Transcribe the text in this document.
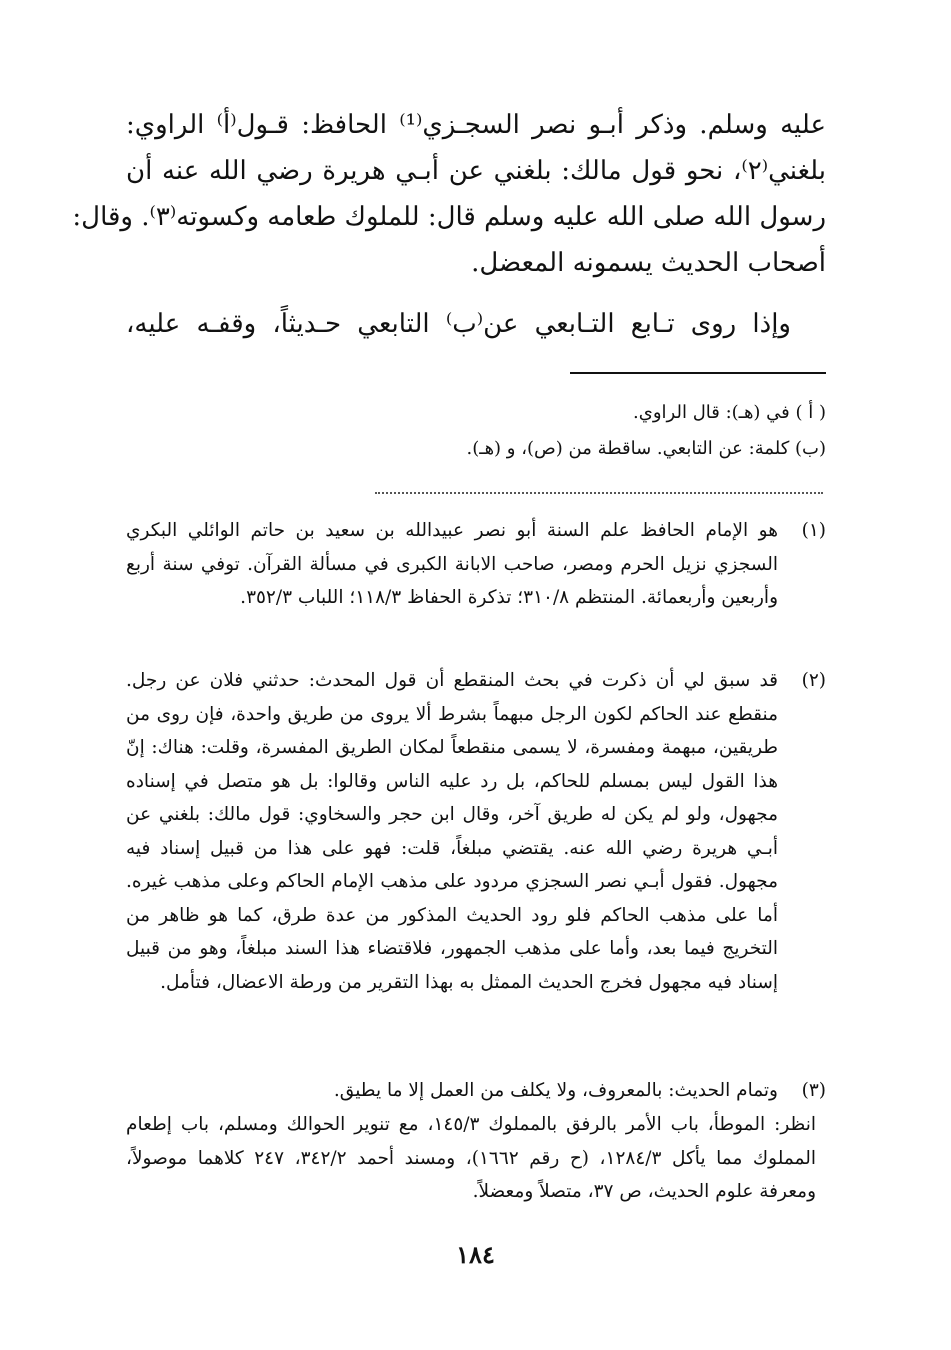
عليه وسلم. وذكر أبـو نصر السجـزي⁽¹⁾ الحافظ: قـول⁽أ⁾ الراوي:
بلغني⁽٢⁾، نحو قول مالك: بلغني عن أبـي هريرة رضي الله عنه أن
رسول الله صلى الله عليه وسلم قال: للملوك طعامه وكسوته⁽٣⁾. وقال:
أصحاب الحديث يسمونه المعضل.
وإذا روى تـابع التـابعي عن⁽ب⁾ التابعي حـديثاً، وقفـه عليه،
( أ ) في (هـ): قال الراوي.
(ب) كلمة: عن التابعي. ساقطة من (ص)، و (هـ).
(١)
هو الإمام الحافظ علم السنة أبو نصر عبيدالله بن سعيد بن حاتم الوائلي البكري السجزي نزيل الحرم ومصر، صاحب الابانة الكبرى في مسألة القرآن. توفي سنة أربع وأربعين وأربعمائة. المنتظم ٣١٠/٨؛ تذكرة الحفاظ ١١٨/٣؛ اللباب ٣٥٢/٣.
(٢)
قد سبق لي أن ذكرت في بحث المنقطع أن قول المحدث: حدثني فلان عن رجل. منقطع عند الحاكم لكون الرجل مبهماً بشرط ألا يروى من طريق واحدة، فإن روى من طريقين، مبهمة ومفسرة، لا يسمى منقطعاً لمكان الطريق المفسرة، وقلت: هناك: إنّ هذا القول ليس بمسلم للحاكم، بل رد عليه الناس وقالوا: بل هو متصل في إسناده مجهول، ولو لم يكن له طريق آخر، وقال ابن حجر والسخاوي: قول مالك: بلغني عن أبـي هريرة رضي الله عنه. يقتضي مبلغاً، قلت: فهو على هذا من قبيل إسناد فيه مجهول. فقول أبـي نصر السجزي مردود على مذهب الإمام الحاكم وعلى مذهب غيره. أما على مذهب الحاكم فلو رود الحديث المذكور من عدة طرق، كما هو ظاهر من التخريج فيما بعد، وأما على مذهب الجمهور، فلاقتضاء هذا السند مبلغاً، وهو من قبيل إسناد فيه مجهول فخرج الحديث الممثل به بهذا التقرير من ورطة الاعضال، فتأمل.
(٣)
وتمام الحديث: بالمعروف، ولا يكلف من العمل إلا ما يطيق.
انظر: الموطأ، باب الأمر بالرفق بالمملوك ١٤٥/٣، مع تنوير الحوالك ومسلم، باب إطعام المملوك مما يأكل ١٢٨٤/٣، (ح رقم ١٦٦٢)، ومسند أحمد ٣٤٢/٢، ٢٤٧ كلاهما موصولاً، ومعرفة علوم الحديث، ص ٣٧، متصلاً ومعضلاً.
١٨٤
